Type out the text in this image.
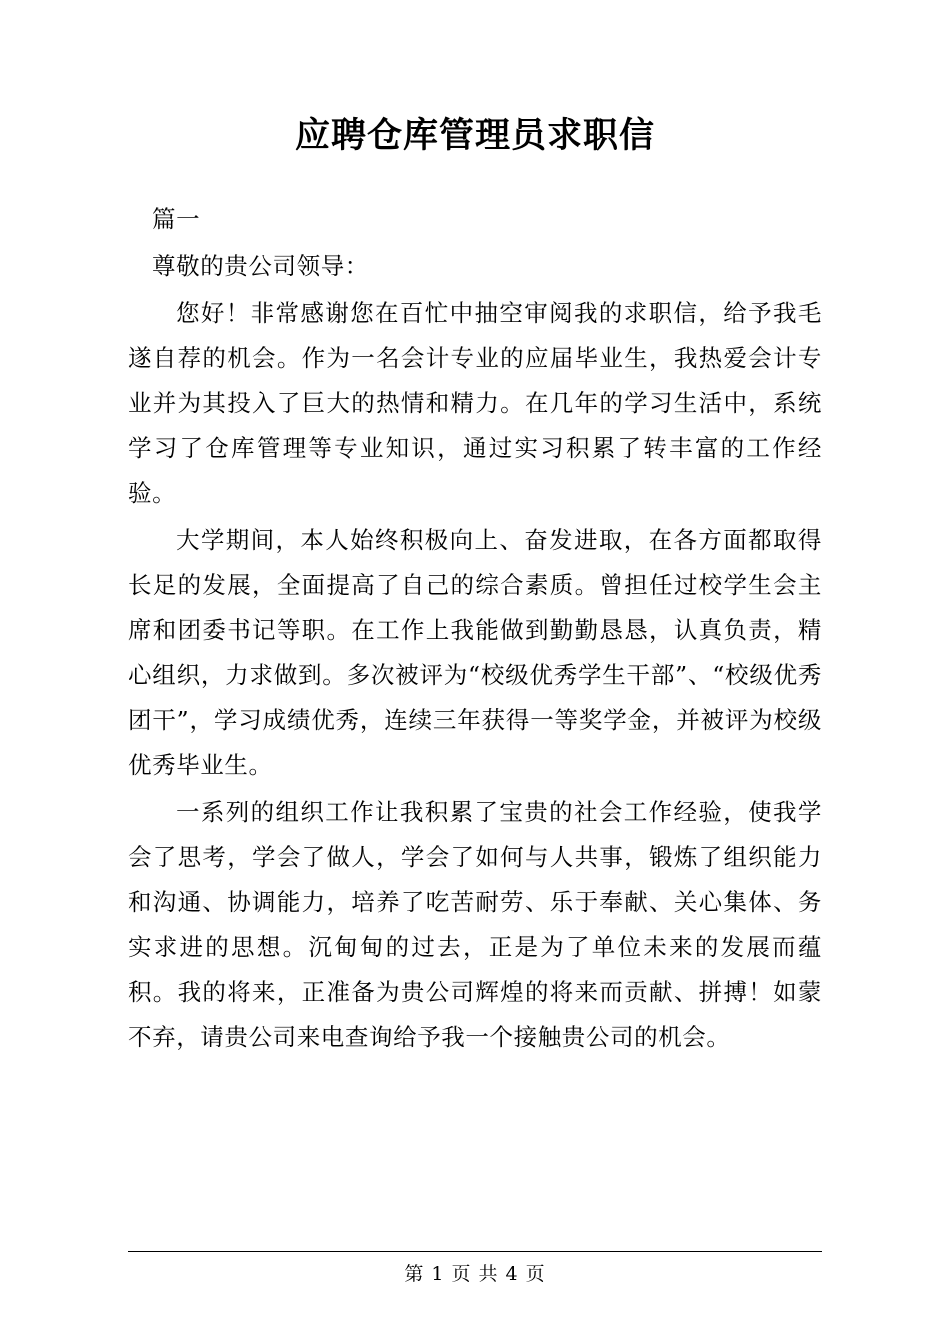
应聘仓库管理员求职信

篇一

尊敬的贵公司领导：

您好！非常感谢您在百忙中抽空审阅我的求职信，给予我毛遂自荐的机会。作为一名会计专业的应届毕业生，我热爱会计专业并为其投入了巨大的热情和精力。在几年的学习生活中，系统学习了仓库管理等专业知识，通过实习积累了转丰富的工作经验。

大学期间，本人始终积极向上、奋发进取，在各方面都取得长足的发展，全面提高了自己的综合素质。曾担任过校学生会主席和团委书记等职。在工作上我能做到勤勤恳恳，认真负责，精心组织，力求做到。多次被评为“校级优秀学生干部”、“校级优秀团干”，学习成绩优秀，连续三年获得一等奖学金，并被评为校级优秀毕业生。

一系列的组织工作让我积累了宝贵的社会工作经验，使我学会了思考，学会了做人，学会了如何与人共事，锻炼了组织能力和沟通、协调能力，培养了吃苦耐劳、乐于奉献、关心集体、务实求进的思想。沉甸甸的过去，正是为了单位未来的发展而蕴积。我的将来，正准备为贵公司辉煌的将来而贡献、拼搏！如蒙不弃，请贵公司来电查询给予我一个接触贵公司的机会。

第 1 页 共 4 页
